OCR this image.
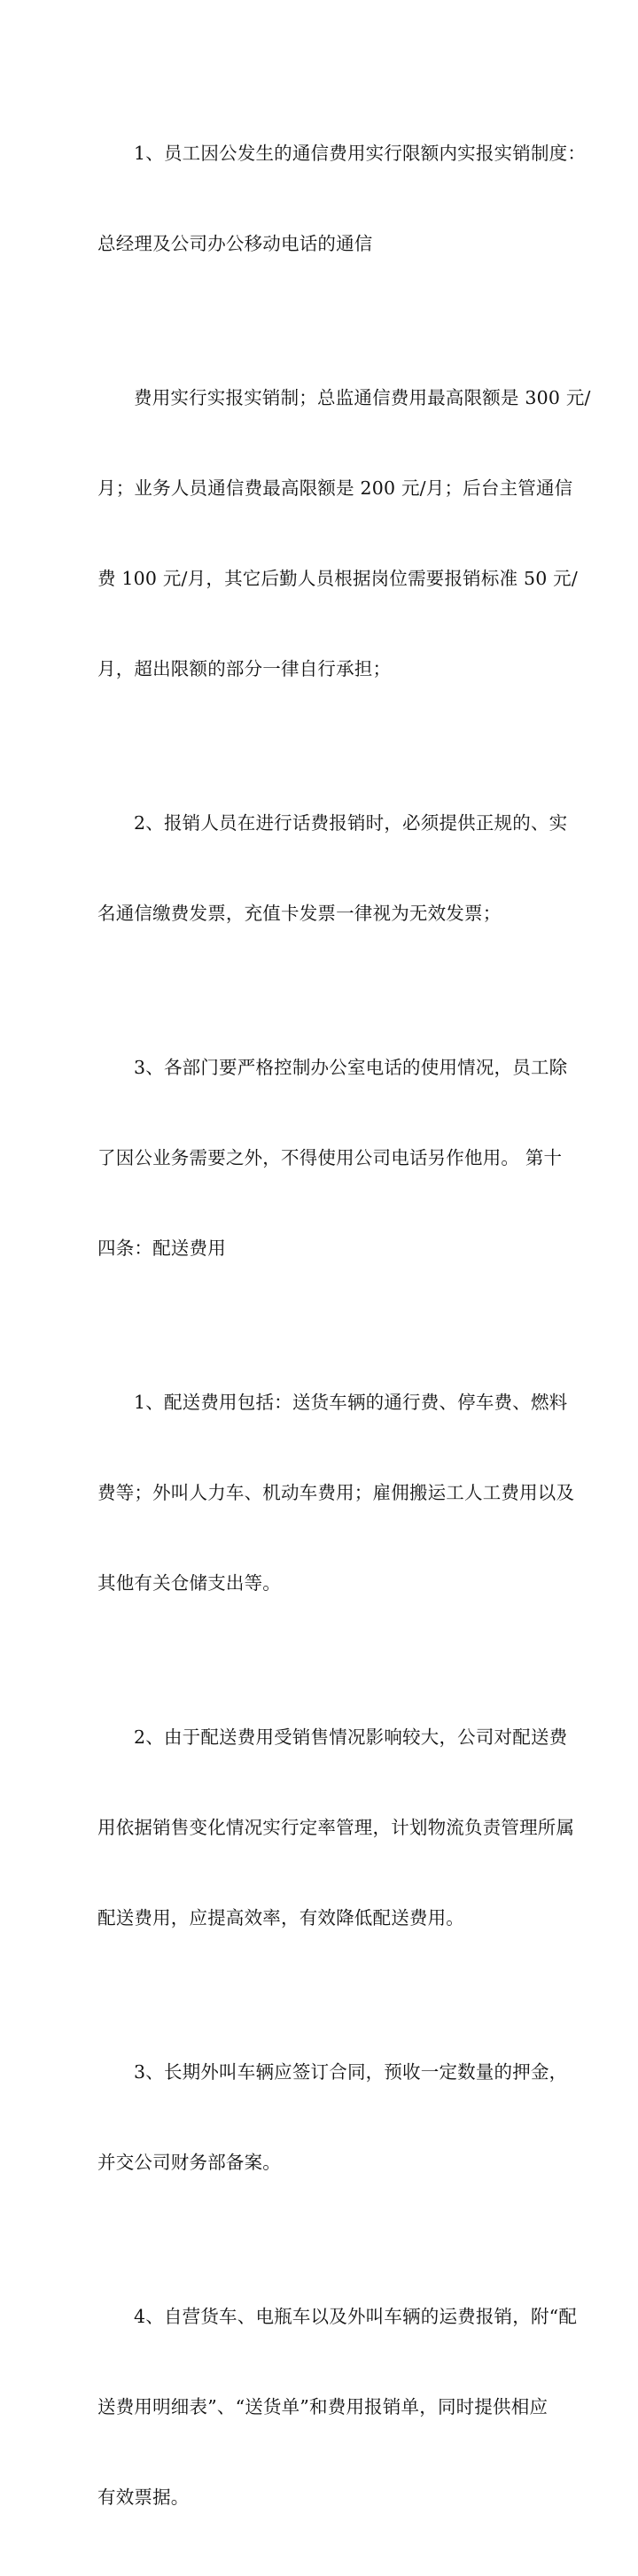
1、员工因公发生的通信费用实行限额内实报实销制度：

总经理及公司办公移动电话的通信

费用实行实报实销制；总监通信费用最高限额是 300 元/

月；业务人员通信费最高限额是 200 元/月；后台主管通信

费 100 元/月，其它后勤人员根据岗位需要报销标准 50 元/

月，超出限额的部分一律自行承担；

2、报销人员在进行话费报销时，必须提供正规的、实

名通信缴费发票，充值卡发票一律视为无效发票；

3、各部门要严格控制办公室电话的使用情况，员工除

了因公业务需要之外，不得使用公司电话另作他用。 第十

四条：配送费用

1、配送费用包括：送货车辆的通行费、停车费、燃料

费等；外叫人力车、机动车费用；雇佣搬运工人工费用以及

其他有关仓储支出等。

2、由于配送费用受销售情况影响较大，公司对配送费

用依据销售变化情况实行定率管理，计划物流负责管理所属

配送费用，应提高效率，有效降低配送费用。

3、长期外叫车辆应签订合同，预收一定数量的押金，

并交公司财务部备案。

4、自营货车、电瓶车以及外叫车辆的运费报销，附“配

送费用明细表”、“送货单”和费用报销单，同时提供相应

有效票据。
